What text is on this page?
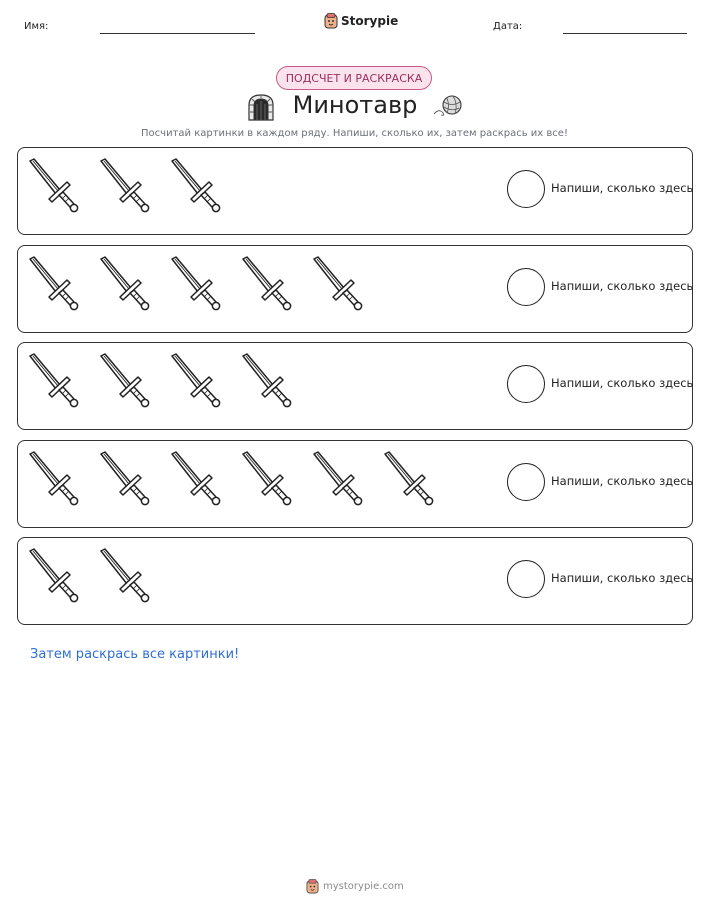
Имя:	Storypie	Дата:
ПОДСЧЕТ И РАСКРАСКА
Минотавр
Посчитай картинки в каждом ряду. Напиши, сколько их, затем раскрась их все!
Напиши, сколько здесь
Напиши, сколько здесь
Напиши, сколько здесь
Напиши, сколько здесь
Напиши, сколько здесь
Затем раскрась все картинки!
mystorypie.com
